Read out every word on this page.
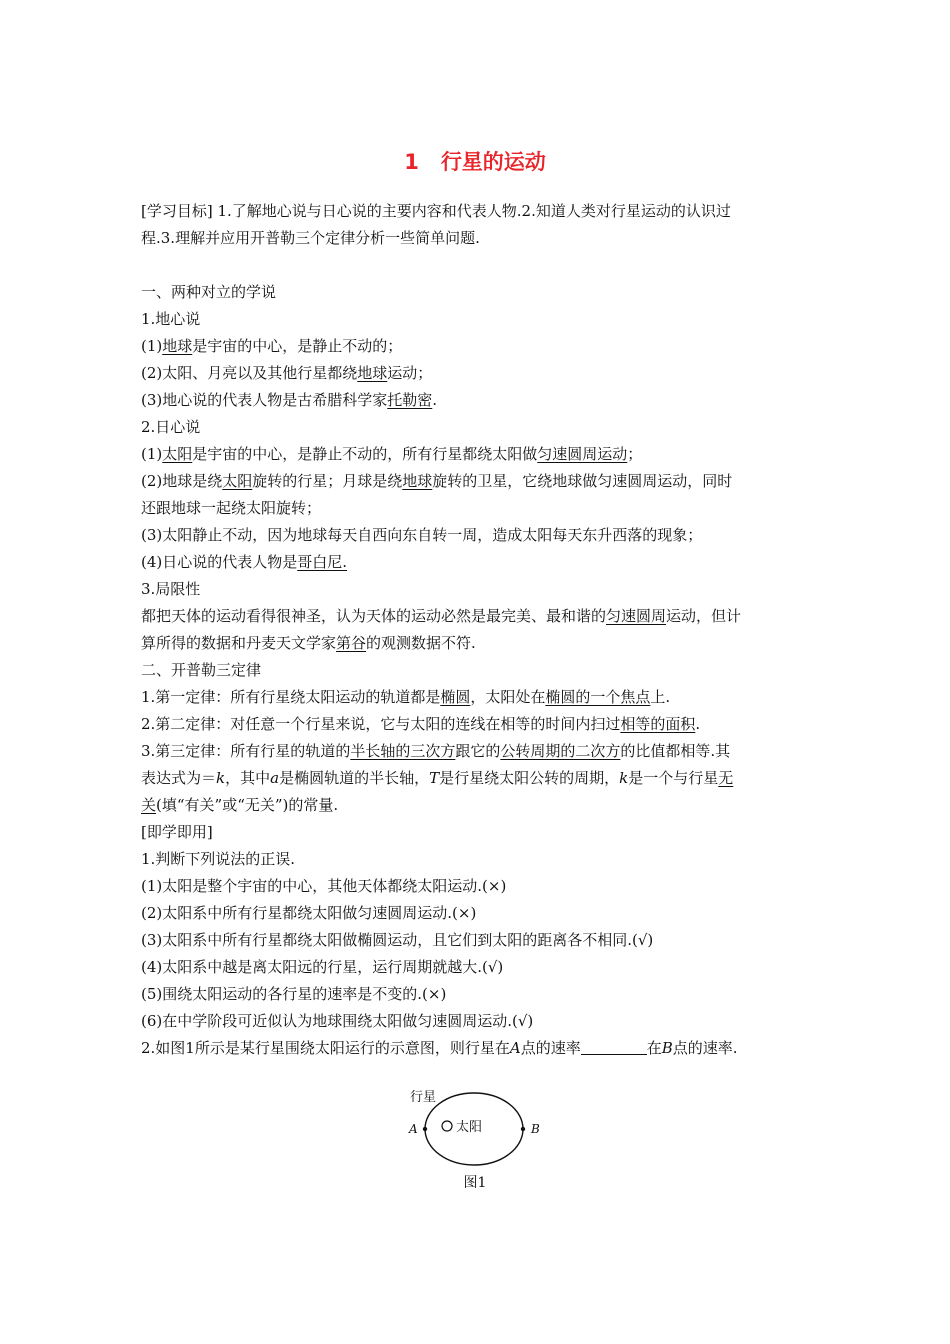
1 行星的运动
[学习目标] 1.了解地心说与日心说的主要内容和代表人物.2.知道人类对行星运动的认识过
程.3.理解并应用开普勒三个定律分析一些简单问题.
一、两种对立的学说
1.地心说
(1)地球是宇宙的中心，是静止不动的；
(2)太阳、月亮以及其他行星都绕地球运动；
(3)地心说的代表人物是古希腊科学家托勒密.
2.日心说
(1)太阳是宇宙的中心，是静止不动的，所有行星都绕太阳做匀速圆周运动；
(2)地球是绕太阳旋转的行星；月球是绕地球旋转的卫星，它绕地球做匀速圆周运动，同时
还跟地球一起绕太阳旋转；
(3)太阳静止不动，因为地球每天自西向东自转一周，造成太阳每天东升西落的现象；
(4)日心说的代表人物是哥白尼.
3.局限性
都把天体的运动看得很神圣，认为天体的运动必然是最完美、最和谐的匀速圆周运动，但计
算所得的数据和丹麦天文学家第谷的观测数据不符.
二、开普勒三定律
1.第一定律：所有行星绕太阳运动的轨道都是椭圆，太阳处在椭圆的一个焦点上.
2.第二定律：对任意一个行星来说，它与太阳的连线在相等的时间内扫过相等的面积.
3.第三定律：所有行星的轨道的半长轴的三次方跟它的公转周期的二次方的比值都相等.其
表达式为＝k，其中a是椭圆轨道的半长轴，T是行星绕太阳公转的周期，k是一个与行星无
关(填“有关”或“无关”)的常量.
[即学即用]
1.判断下列说法的正误.
(1)太阳是整个宇宙的中心，其他天体都绕太阳运动.(×)
(2)太阳系中所有行星都绕太阳做匀速圆周运动.(×)
(3)太阳系中所有行星都绕太阳做椭圆运动，且它们到太阳的距离各不相同.(√)
(4)太阳系中越是离太阳远的行星，运行周期就越大.(√)
(5)围绕太阳运动的各行星的速率是不变的.(×)
(6)在中学阶段可近似认为地球围绕太阳做匀速圆周运动.(√)
2.如图1所示是某行星围绕太阳运行的示意图，则行星在A点的速率	在B点的速率.
行星
太阳
A	B
图1
